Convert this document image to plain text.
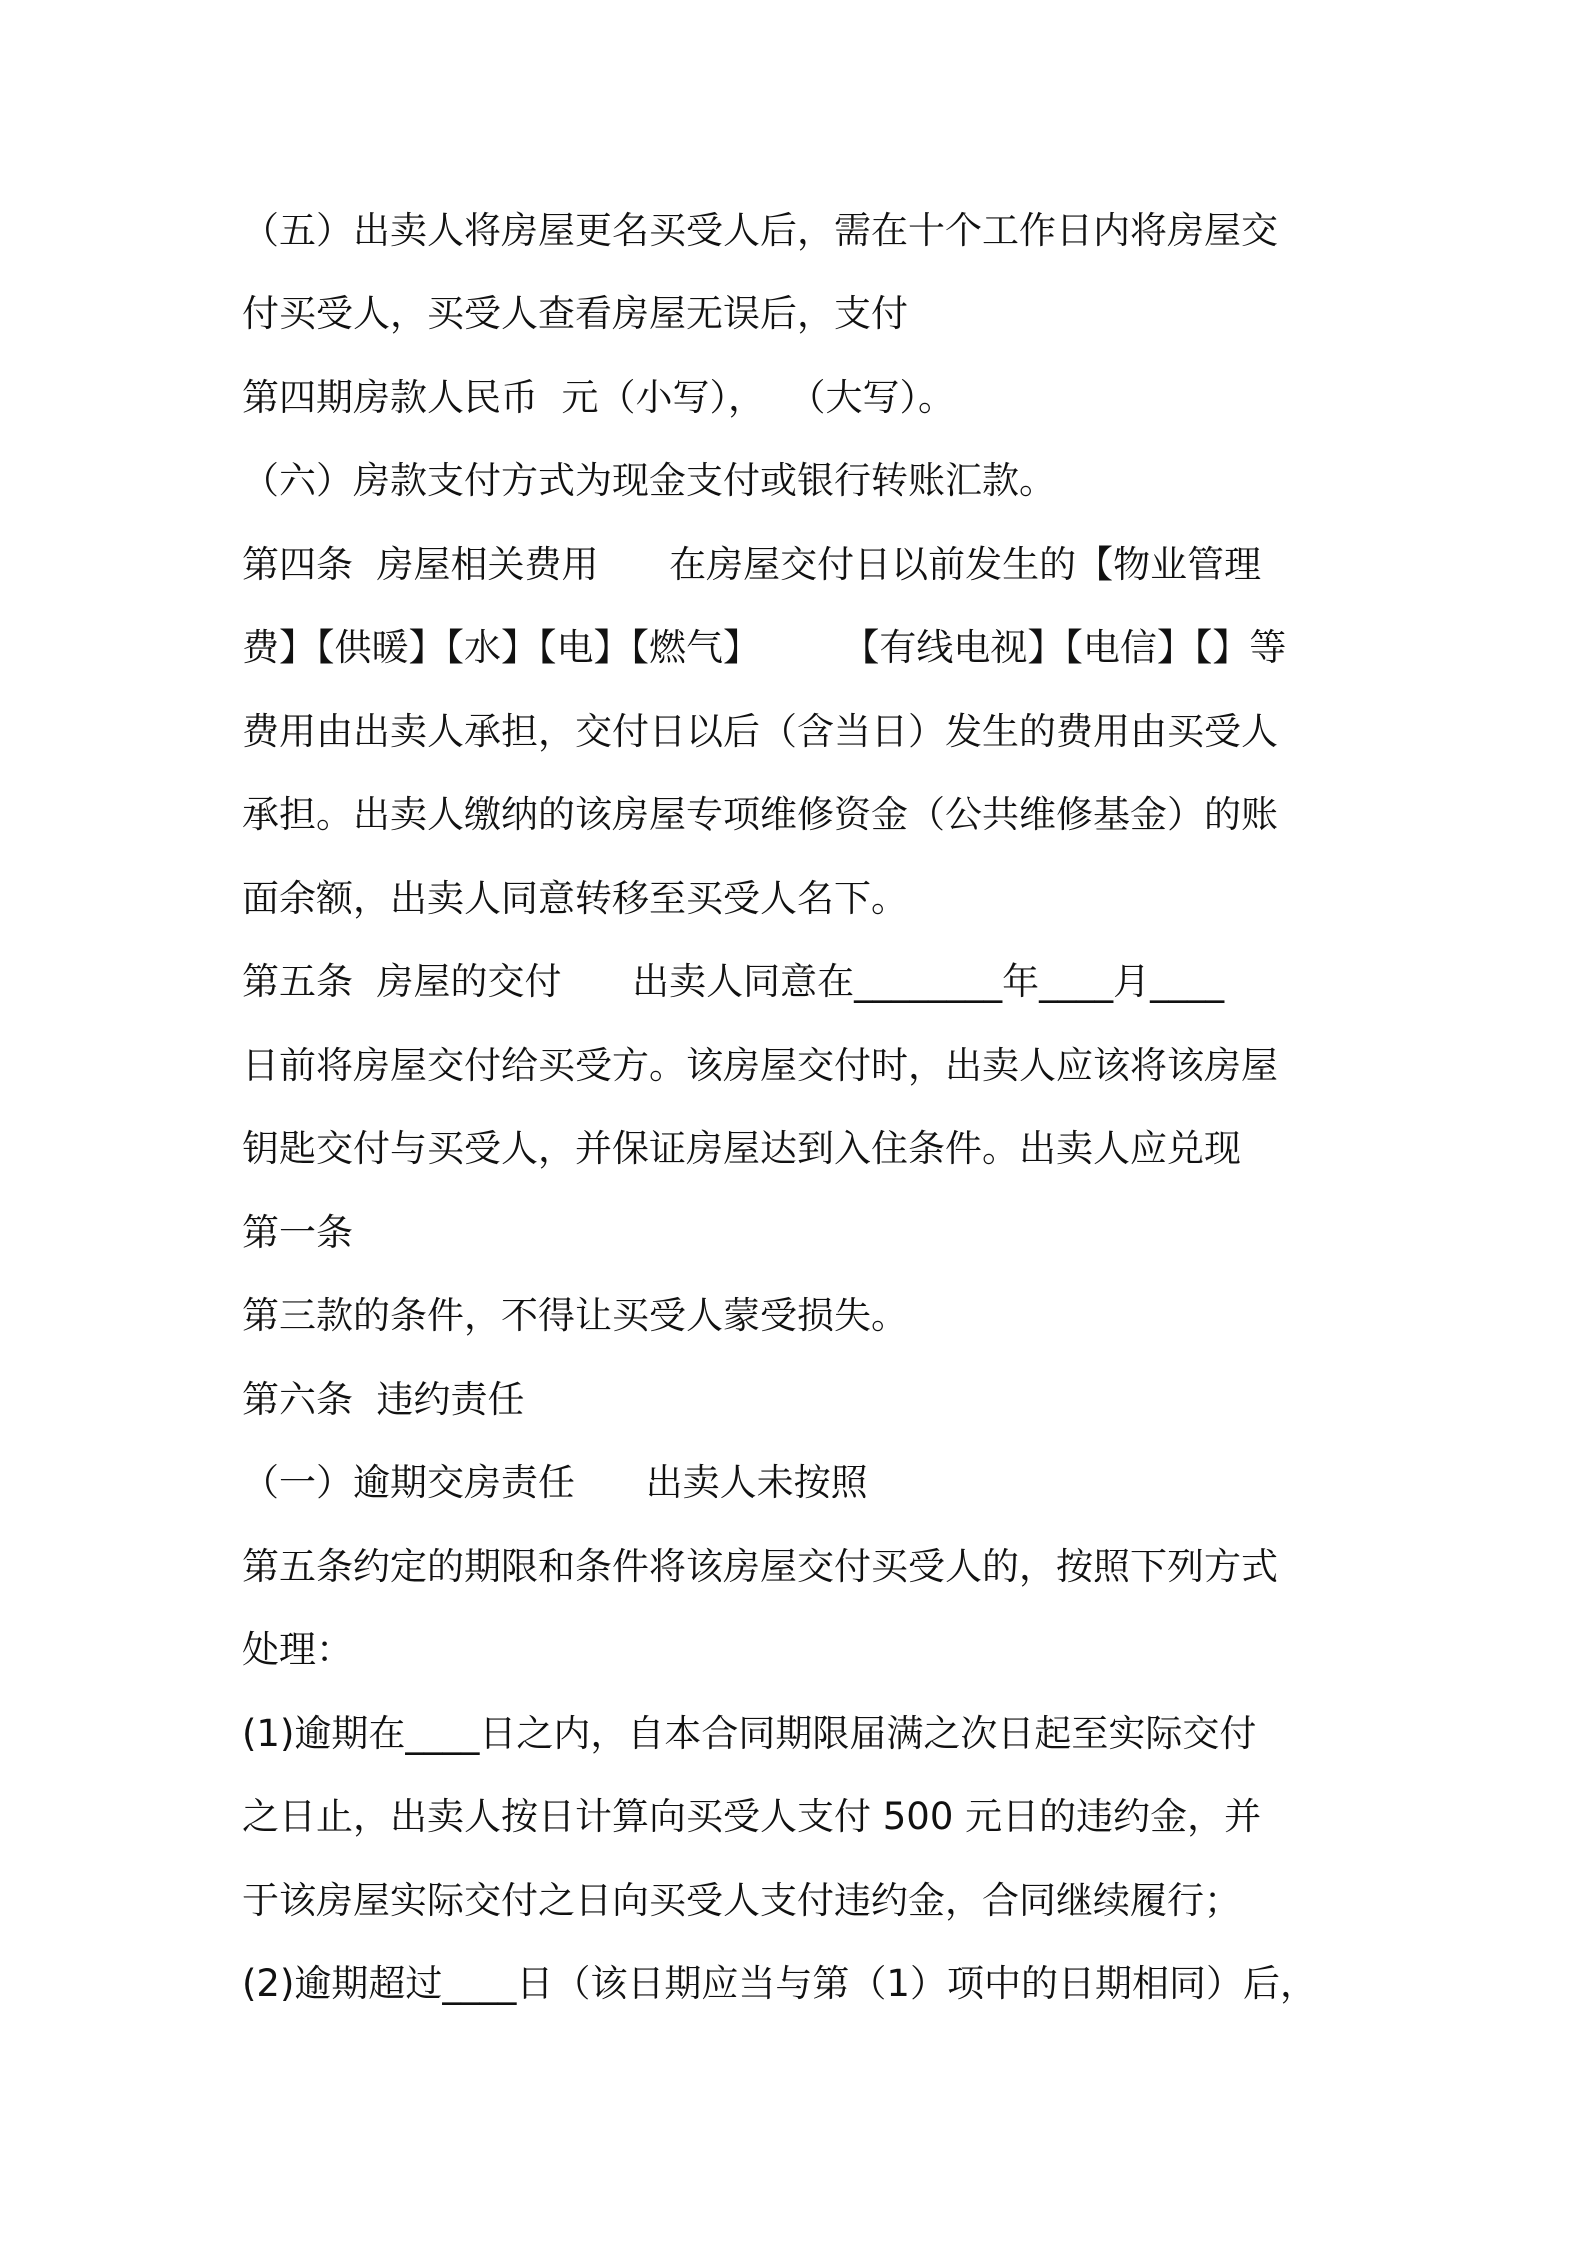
（五）出卖人将房屋更名买受人后，需在十个工作日内将房屋交
付买受人，买受人查看房屋无误后，支付
第四期房款人民币  元（小写），  （大写）。
（六）房款支付方式为现金支付或银行转账汇款。
第四条  房屋相关费用      在房屋交付日以前发生的【物业管理
费】【供暖】【水】【电】【燃气】       【有线电视】【电信】【】等
费用由出卖人承担，交付日以后（含当日）发生的费用由买受人
承担。出卖人缴纳的该房屋专项维修资金（公共维修基金）的账
面余额，出卖人同意转移至买受人名下。
第五条  房屋的交付      出卖人同意在________年____月____
日前将房屋交付给买受方。该房屋交付时，出卖人应该将该房屋
钥匙交付与买受人，并保证房屋达到入住条件。出卖人应兑现
第一条
第三款的条件，不得让买受人蒙受损失。
第六条  违约责任
（一）逾期交房责任      出卖人未按照
第五条约定的期限和条件将该房屋交付买受人的，按照下列方式
处理：
(1)逾期在____日之内，自本合同期限届满之次日起至实际交付
之日止，出卖人按日计算向买受人支付 500 元日的违约金，并
于该房屋实际交付之日向买受人支付违约金，合同继续履行；
(2)逾期超过____日（该日期应当与第（1）项中的日期相同）后，
